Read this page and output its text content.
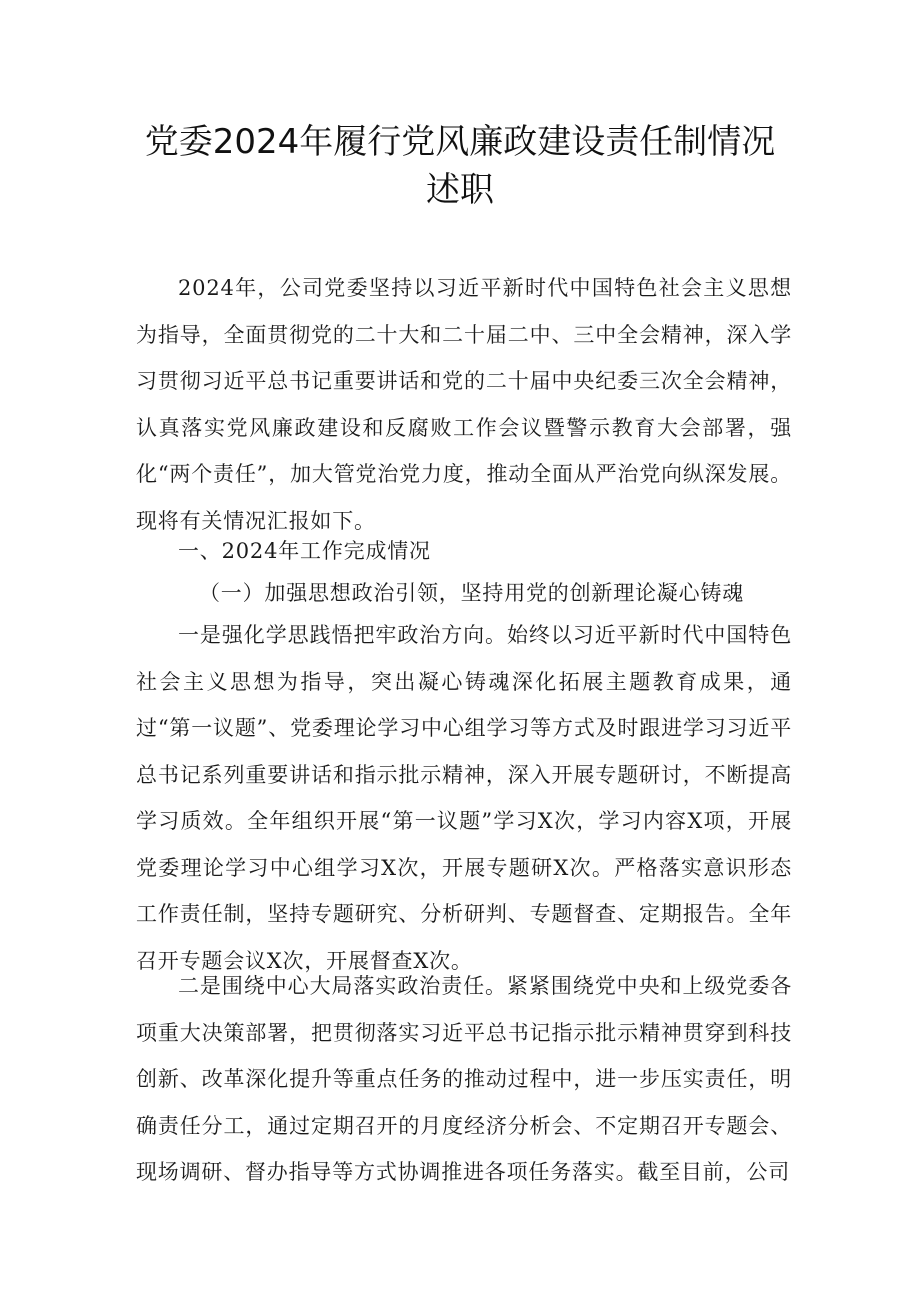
党委2024年履行党风廉政建设责任制情况
述职

2024年，公司党委坚持以习近平新时代中国特色社会主义思想为指导，全面贯彻党的二十大和二十届二中、三中全会精神，深入学习贯彻习近平总书记重要讲话和党的二十届中央纪委三次全会精神，认真落实党风廉政建设和反腐败工作会议暨警示教育大会部署，强化“两个责任”，加大管党治党力度，推动全面从严治党向纵深发展。现将有关情况汇报如下。

一、2024年工作完成情况

（一）加强思想政治引领，坚持用党的创新理论凝心铸魂

一是强化学思践悟把牢政治方向。始终以习近平新时代中国特色社会主义思想为指导，突出凝心铸魂深化拓展主题教育成果，通过“第一议题”、党委理论学习中心组学习等方式及时跟进学习习近平总书记系列重要讲话和指示批示精神，深入开展专题研讨，不断提高学习质效。全年组织开展“第一议题”学习X次，学习内容X项，开展党委理论学习中心组学习X次，开展专题研X次。严格落实意识形态工作责任制，坚持专题研究、分析研判、专题督查、定期报告。全年召开专题会议X次，开展督查X次。

二是围绕中心大局落实政治责任。紧紧围绕党中央和上级党委各项重大决策部署，把贯彻落实习近平总书记指示批示精神贯穿到科技创新、改革深化提升等重点任务的推动过程中，进一步压实责任，明确责任分工，通过定期召开的月度经济分析会、不定期召开专题会、现场调研、督办指导等方式协调推进各项任务落实。截至目前，公司
